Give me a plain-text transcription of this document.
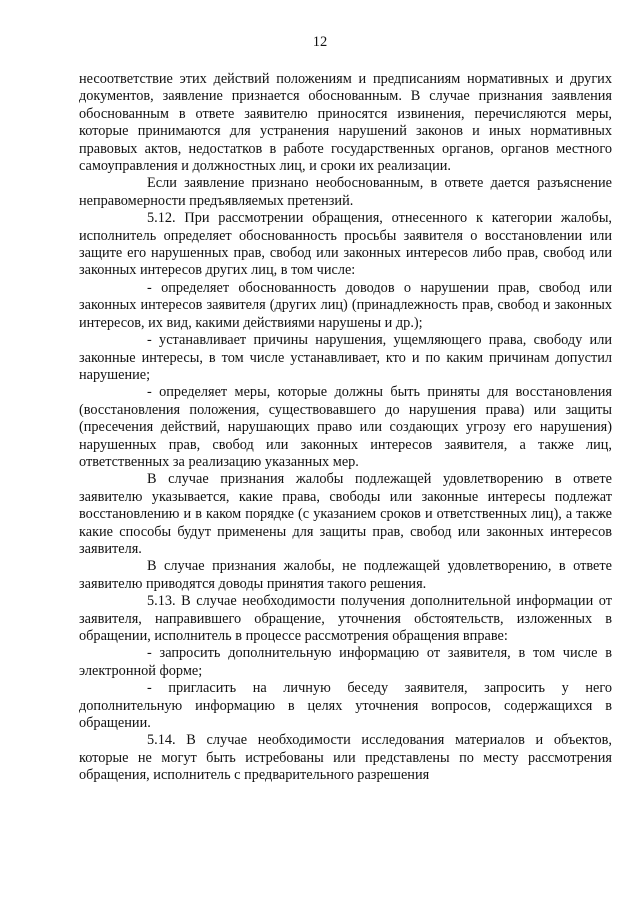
12

несоответствие этих действий положениям и предписаниям нормативных и других документов, заявление признается обоснованным. В случае признания заявления обоснованным в ответе заявителю приносятся извинения, перечисляются меры, которые принимаются для устранения нарушений законов и иных нормативных правовых актов, недостатков в работе государственных органов, органов местного самоуправления и должностных лиц, и сроки их реализации.

Если заявление признано необоснованным, в ответе дается разъяснение неправомерности предъявляемых претензий.

5.12. При рассмотрении обращения, отнесенного к категории жалобы, исполнитель определяет обоснованность просьбы заявителя о восстановлении или защите его нарушенных прав, свобод или законных интересов либо прав, свобод или законных интересов других лиц, в том числе:

- определяет обоснованность доводов о нарушении прав, свобод или законных интересов заявителя (других лиц) (принадлежность прав, свобод и законных интересов, их вид, какими действиями нарушены и др.);

- устанавливает причины нарушения, ущемляющего права, свободу или законные интересы, в том числе устанавливает, кто и по каким причинам допустил нарушение;

- определяет меры, которые должны быть приняты для восстановления (восстановления положения, существовавшего до нарушения права) или защиты (пресечения действий, нарушающих право или создающих угрозу его нарушения) нарушенных прав, свобод или законных интересов заявителя, а также лиц, ответственных за реализацию указанных мер.

В случае признания жалобы подлежащей удовлетворению в ответе заявителю указывается, какие права, свободы или законные интересы подлежат восстановлению и в каком порядке (с указанием сроков и ответственных лиц), а также какие способы будут применены для защиты прав, свобод или законных интересов заявителя.

В случае признания жалобы, не подлежащей удовлетворению, в ответе заявителю приводятся доводы принятия такого решения.

5.13. В случае необходимости получения дополнительной информации от заявителя, направившего обращение, уточнения обстоятельств, изложенных в обращении, исполнитель в процессе рассмотрения обращения вправе:

- запросить дополнительную информацию от заявителя, в том числе в электронной форме;

- пригласить на личную беседу заявителя, запросить у него дополнительную информацию в целях уточнения вопросов, содержащихся в обращении.

5.14. В случае необходимости исследования материалов и объектов, которые не могут быть истребованы или представлены по месту рассмотрения обращения, исполнитель с предварительного разрешения
